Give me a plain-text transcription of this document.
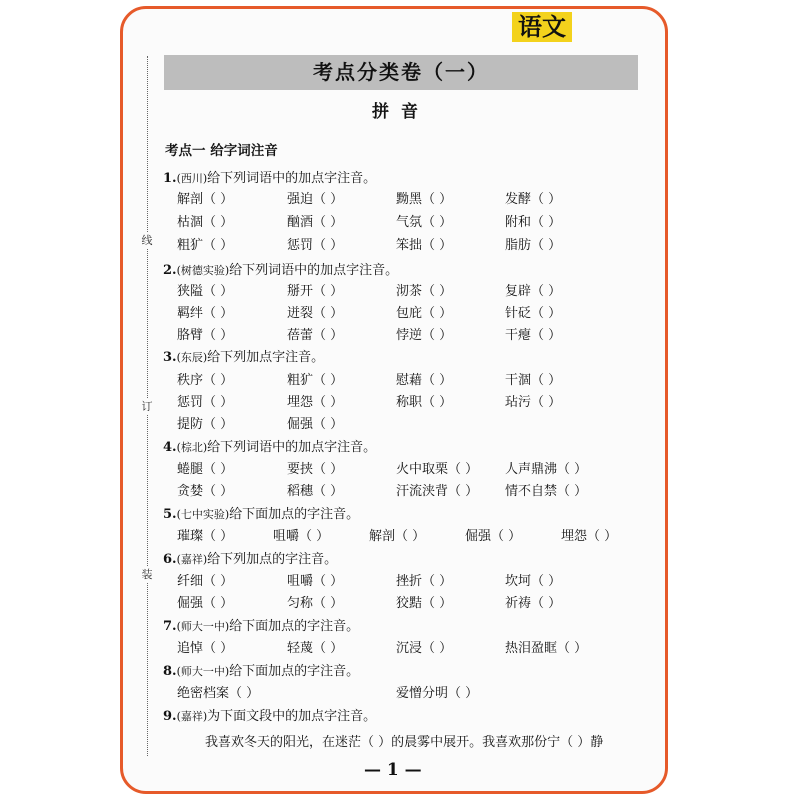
语文
线
订
装
考点分类卷（一）
拼音
考点一 给字词注音
1.(西川)给下列词语中的加点字注音。
2.(树德实验)给下列词语中的加点字注音。
3.(东辰)给下列加点字注音。
4.(棕北)给下列词语中的加点字注音。
5.(七中实验)给下面加点的字注音。
6.(嘉祥)给下列加点的字注音。
7.(师大一中)给下面加点的字注音。
8.(师大一中)给下面加点的字注音。
9.(嘉祥)为下面文段中的加点字注音。
解剖（ ）	强迫（ ）	黝黑（ ）	发酵（ ）
枯涸（ ）	酗酒（ ）	气氛（ ）	附和（ ）
粗犷（ ）	惩罚（ ）	笨拙（ ）	脂肪（ ）
狭隘（ ）	掰开（ ）	沏茶（ ）	复辟（ ）
羁绊（ ）	迸裂（ ）	包庇（ ）	针砭（ ）
胳臂（ ）	蓓蕾（ ）	悖逆（ ）	干瘪（ ）
秩序（ ）	粗犷（ ）	慰藉（ ）	干涸（ ）
惩罚（ ）	埋怨（ ）	称职（ ）	玷污（ ）
提防（ ）	倔强（ ）
蜷腿（ ）	要挟（ ）	火中取栗（ ） 人声鼎沸（ ）
贪婪（ ）	稻穗（ ）	汗流浃背（ ） 情不自禁（ ）
璀璨（ ）	咀嚼（ ）	解剖（ ）	倔强（ ）	埋怨（ ）
纤细（ ）	咀嚼（ ）	挫折（ ）	坎坷（ ）
倔强（ ）	匀称（ ）	狡黠（ ）	祈祷（ ）
追悼（ ）	轻蔑（ ）	沉浸（ ）	热泪盈眶（ ）
绝密档案（ ）	爱憎分明（ ）
我喜欢冬天的阳光，在迷茫（ ）的晨雾中展开。我喜欢那份宁（ ）静
— 1 —
